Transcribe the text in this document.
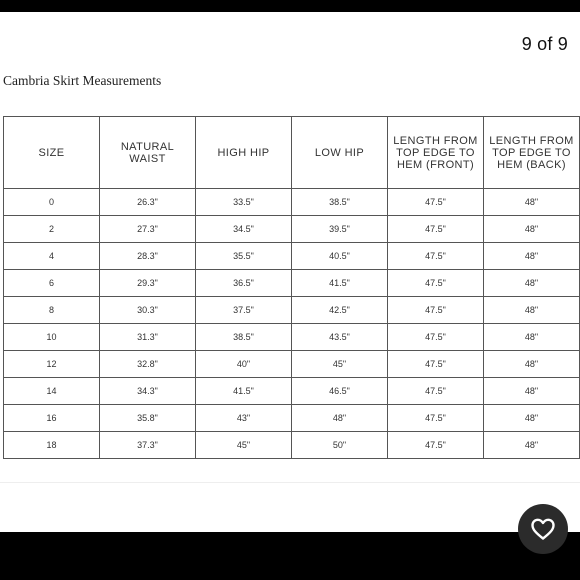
9 of 9
Cambria Skirt Measurements
SIZE	NATURAL WAIST	HIGH HIP	LOW HIP	LENGTH FROM TOP EDGE TO HEM (FRONT)	LENGTH FROM TOP EDGE TO HEM (BACK)
0	26.3"	33.5"	38.5"	47.5"	48"
2	27.3"	34.5"	39.5"	47.5"	48"
4	28.3"	35.5"	40.5"	47.5"	48"
6	29.3"	36.5"	41.5"	47.5"	48"
8	30.3"	37.5"	42.5"	47.5"	48"
10	31.3"	38.5"	43.5"	47.5"	48"
12	32.8"	40"	45"	47.5"	48"
14	34.3"	41.5"	46.5"	47.5"	48"
16	35.8"	43"	48"	47.5"	48"
18	37.3"	45"	50"	47.5"	48"
